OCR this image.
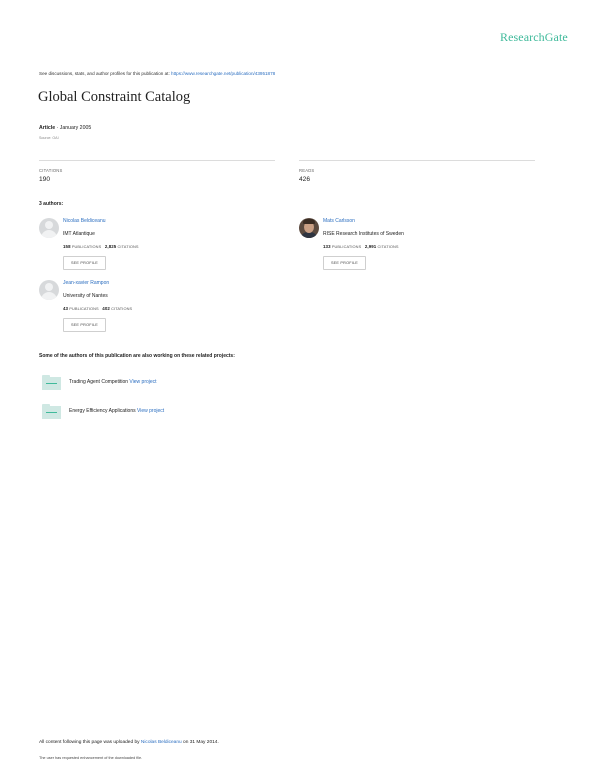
ResearchGate
See discussions, stats, and author profiles for this publication at: https://www.researchgate.net/publication/43951878
Global Constraint Catalog
Article · January 2005
Source: OAI
CITATIONS
190
READS
426
3 authors:
Nicolas Beldiceanu
IMT Atlantique
158 PUBLICATIONS 2,825 CITATIONS
SEE PROFILE
Mats Carlsson
RISE Research Institutes of Sweden
133 PUBLICATIONS 2,991 CITATIONS
SEE PROFILE
Jean-xavier Rampon
University of Nantes
43 PUBLICATIONS 402 CITATIONS
SEE PROFILE
Some of the authors of this publication are also working on these related projects:
Trading Agent Competition View project
Energy Efficiency Applications View project
All content following this page was uploaded by Nicolas Beldiceanu on 31 May 2014.
The user has requested enhancement of the downloaded file.
